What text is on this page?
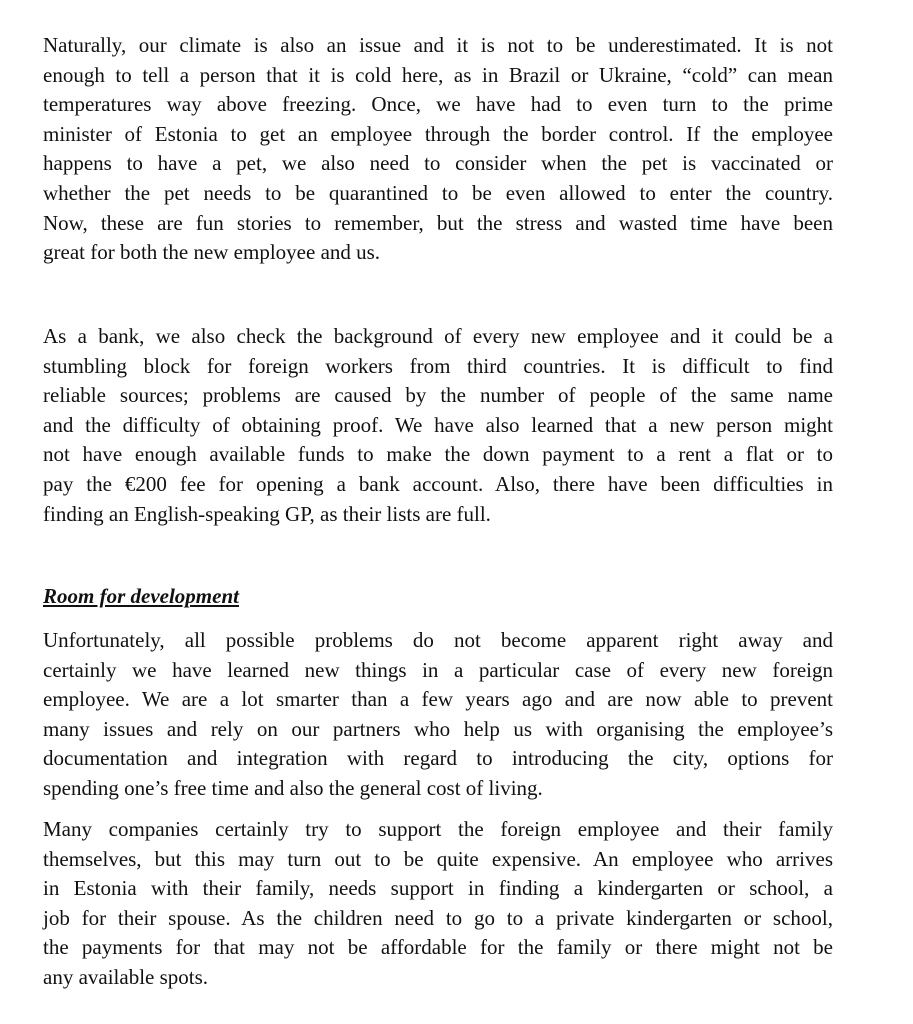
Naturally, our climate is also an issue and it is not to be underestimated. It is not
enough to tell a person that it is cold here, as in Brazil or Ukraine, “cold” can mean
temperatures way above freezing. Once, we have had to even turn to the prime
minister of Estonia to get an employee through the border control. If the employee
happens to have a pet, we also need to consider when the pet is vaccinated or
whether the pet needs to be quarantined to be even allowed to enter the country.
Now, these are fun stories to remember, but the stress and wasted time have been
great for both the new employee and us.
As a bank, we also check the background of every new employee and it could be a
stumbling block for foreign workers from third countries. It is difficult to find
reliable sources; problems are caused by the number of people of the same name
and the difficulty of obtaining proof. We have also learned that a new person might
not have enough available funds to make the down payment to a rent a flat or to
pay the €200 fee for opening a bank account. Also, there have been difficulties in
finding an English-speaking GP, as their lists are full.
Room for development
Unfortunately, all possible problems do not become apparent right away and
certainly we have learned new things in a particular case of every new foreign
employee. We are a lot smarter than a few years ago and are now able to prevent
many issues and rely on our partners who help us with organising the employee’s
documentation and integration with regard to introducing the city, options for
spending one’s free time and also the general cost of living.
Many companies certainly try to support the foreign employee and their family
themselves, but this may turn out to be quite expensive. An employee who arrives
in Estonia with their family, needs support in finding a kindergarten or school, a
job for their spouse. As the children need to go to a private kindergarten or school,
the payments for that may not be affordable for the family or there might not be
any available spots.
